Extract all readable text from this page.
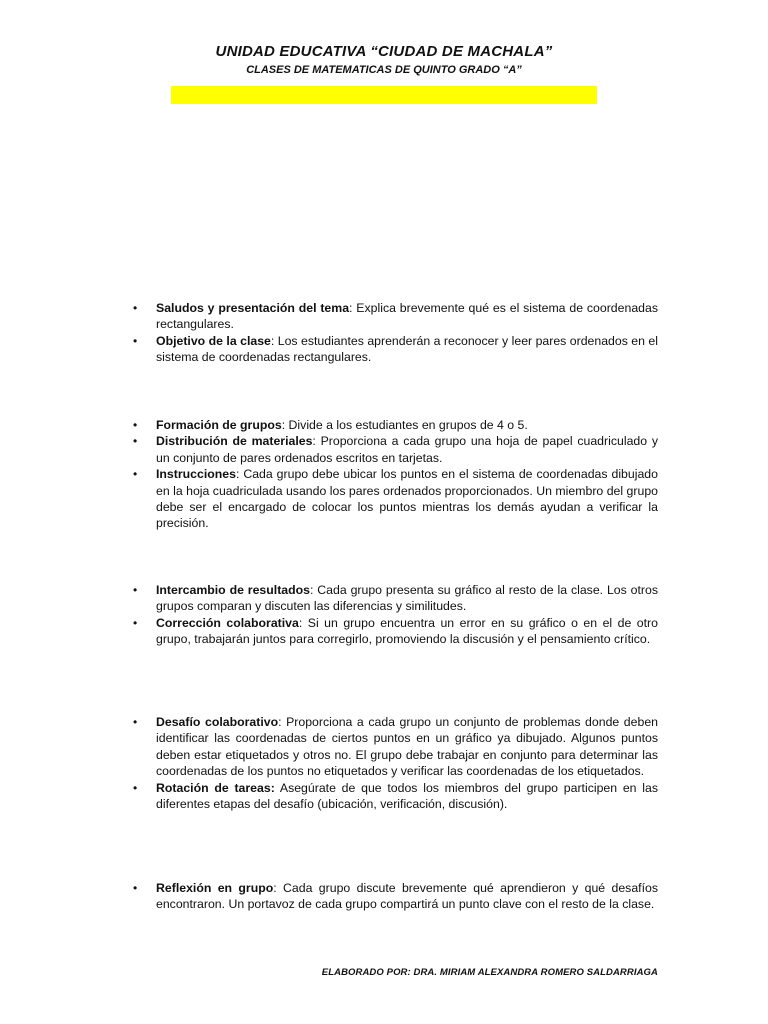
UNIDAD EDUCATIVA “CIUDAD DE MACHALA”
CLASES DE MATEMATICAS DE QUINTO GRADO “A”
•	Saludos y presentación del tema: Explica brevemente qué es el sistema de coordenadas rectangulares.
•	Objetivo de la clase: Los estudiantes aprenderán a reconocer y leer pares ordenados en el sistema de coordenadas rectangulares.
•	Formación de grupos: Divide a los estudiantes en grupos de 4 o 5.
•	Distribución de materiales: Proporciona a cada grupo una hoja de papel cuadriculado y un conjunto de pares ordenados escritos en tarjetas.
•	Instrucciones: Cada grupo debe ubicar los puntos en el sistema de coordenadas dibujado en la hoja cuadriculada usando los pares ordenados proporcionados. Un miembro del grupo debe ser el encargado de colocar los puntos mientras los demás ayudan a verificar la precisión.
•	Intercambio de resultados: Cada grupo presenta su gráfico al resto de la clase. Los otros grupos comparan y discuten las diferencias y similitudes.
•	Corrección colaborativa: Si un grupo encuentra un error en su gráfico o en el de otro grupo, trabajarán juntos para corregirlo, promoviendo la discusión y el pensamiento crítico.
•	Desafío colaborativo: Proporciona a cada grupo un conjunto de problemas donde deben identificar las coordenadas de ciertos puntos en un gráfico ya dibujado. Algunos puntos deben estar etiquetados y otros no. El grupo debe trabajar en conjunto para determinar las coordenadas de los puntos no etiquetados y verificar las coordenadas de los etiquetados.
•	Rotación de tareas: Asegúrate de que todos los miembros del grupo participen en las diferentes etapas del desafío (ubicación, verificación, discusión).
•	Reflexión en grupo: Cada grupo discute brevemente qué aprendieron y qué desafíos encontraron. Un portavoz de cada grupo compartirá un punto clave con el resto de la clase.
ELABORADO POR: DRA. MIRIAM ALEXANDRA ROMERO SALDARRIAGA
